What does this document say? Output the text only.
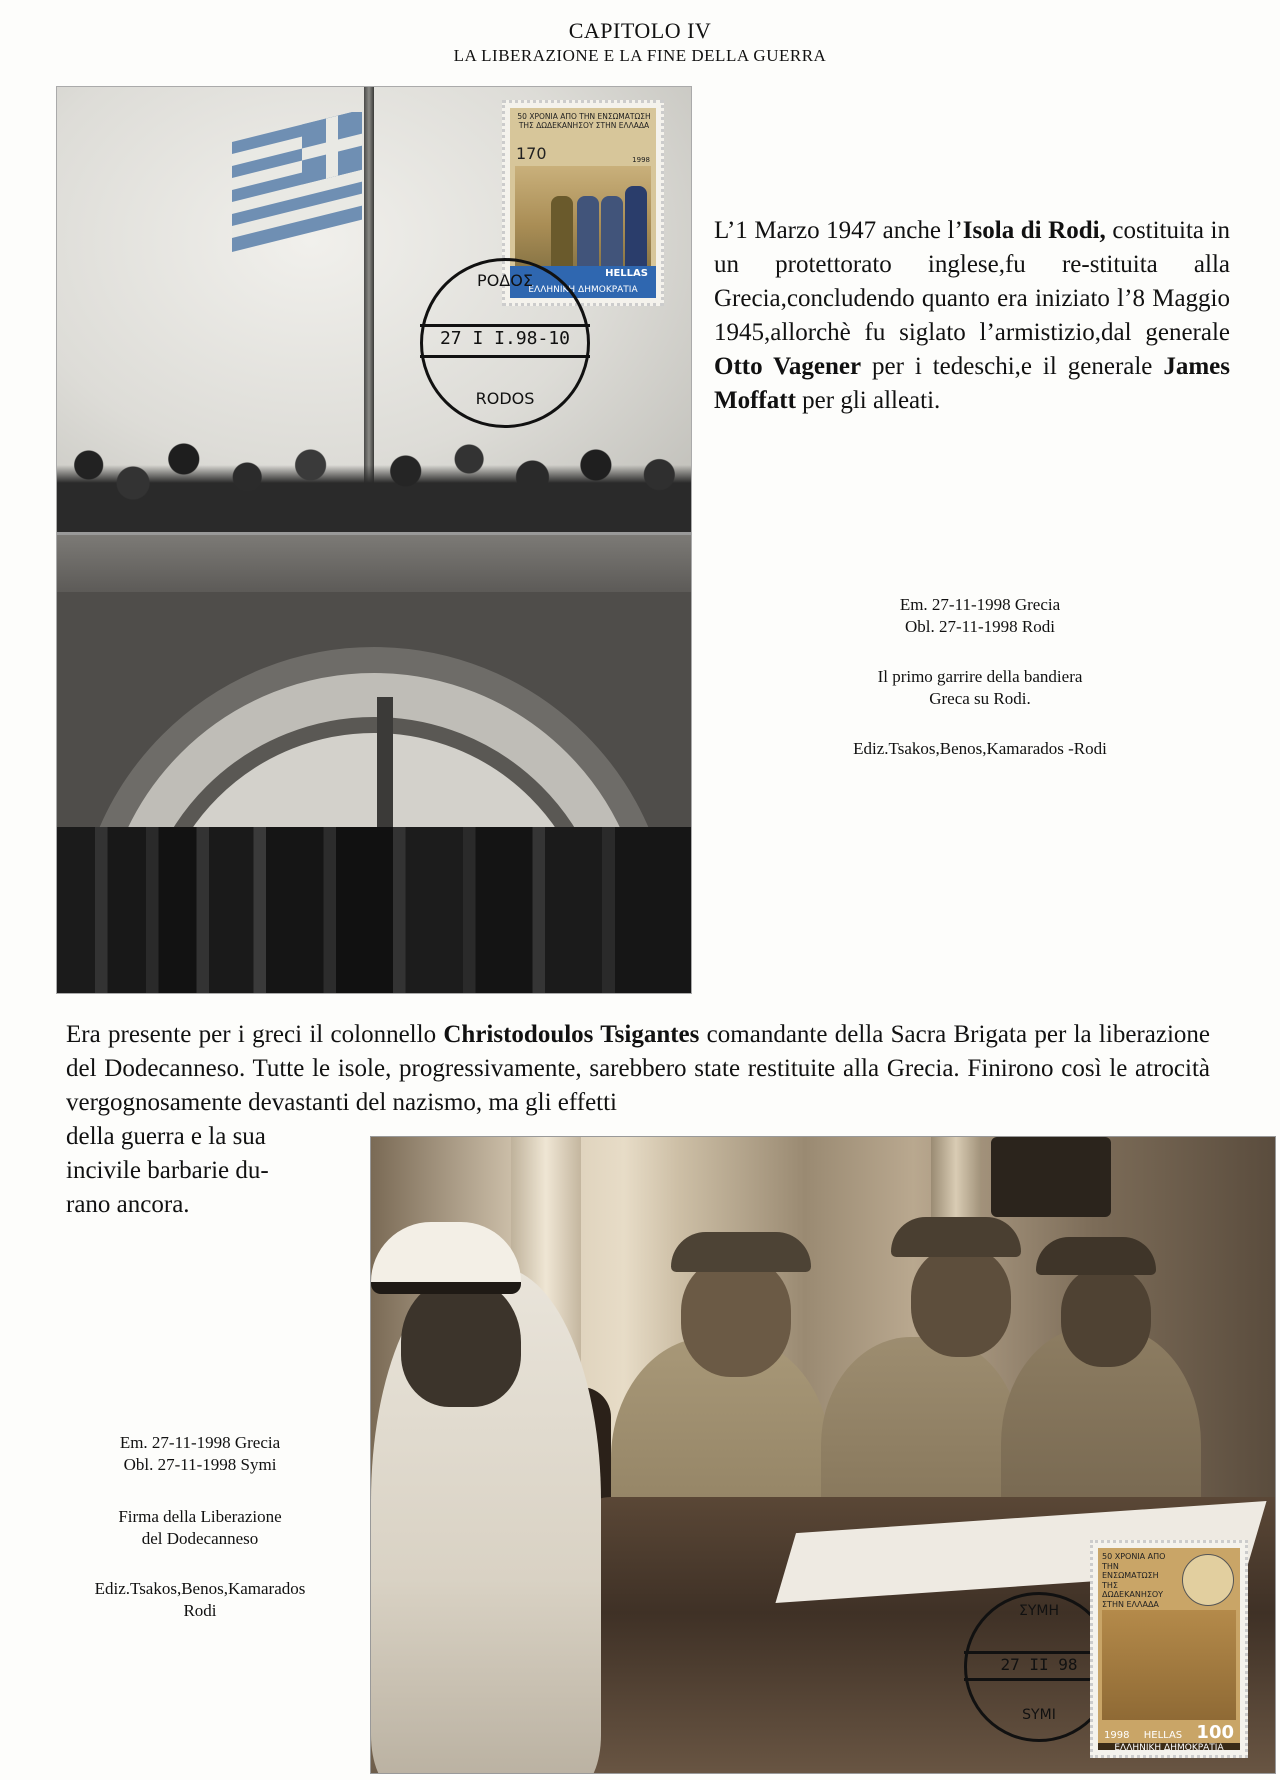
CAPITOLO IV
LA LIBERAZIONE E LA FINE DELLA GUERRA
50 ΧΡΟΝΙΑ ΑΠΟ ΤΗΝ ΕΝΣΩΜΑΤΩΣΗ
ΤΗΣ ΔΩΔΕΚΑΝΗΣΟΥ ΣΤΗΝ ΕΛΛΑΔΑ
170	1998
HELLAS
ΕΛΛΗΝΙΚΗ ΔΗΜΟΚΡΑΤΙΑ
ΡΟΔΟΣ
27 I I.98-10
RODOS
L’1 Marzo 1947 anche l’Isola di Rodi, costituita in un protettorato inglese,fu re-stituita alla Grecia,concludendo quanto era iniziato l’8 Maggio 1945,allorchè fu siglato l’armistizio,dal generale Otto Vagener per i tedeschi,e il generale James Moffatt per gli alleati.
Em. 27-11-1998 Grecia
Obl. 27-11-1998 Rodi
Il primo garrire della bandiera
Greca su Rodi.
Ediz.Tsakos,Benos,Kamarados -Rodi
Era presente per i greci il colonnello Christodoulos Tsigantes comandante della Sacra Brigata per la liberazione del Dodecanneso. Tutte le isole, progressivamente, sarebbero state restituite alla Grecia. Finirono così le atrocità vergognosamente devastanti del nazismo, ma gli effetti
della guerra e la sua incivile barbarie du-rano ancora.
ΣΥΜΗ
27 II 98
SYMI
50 ΧΡΟΝΙΑ ΑΠΟ ΤΗΝ ΕΝΣΩΜΑΤΩΣΗ ΤΗΣ ΔΩΔΕΚΑΝΗΣΟΥ ΣΤΗΝ ΕΛΛΑΔΑ
1998 HELLAS 100
ΕΛΛΗΝΙΚΗ ΔΗΜΟΚΡΑΤΙΑ
Em. 27-11-1998 Grecia
Obl. 27-11-1998 Symi
Firma della Liberazione
del Dodecanneso
Ediz.Tsakos,Benos,Kamarados
Rodi
